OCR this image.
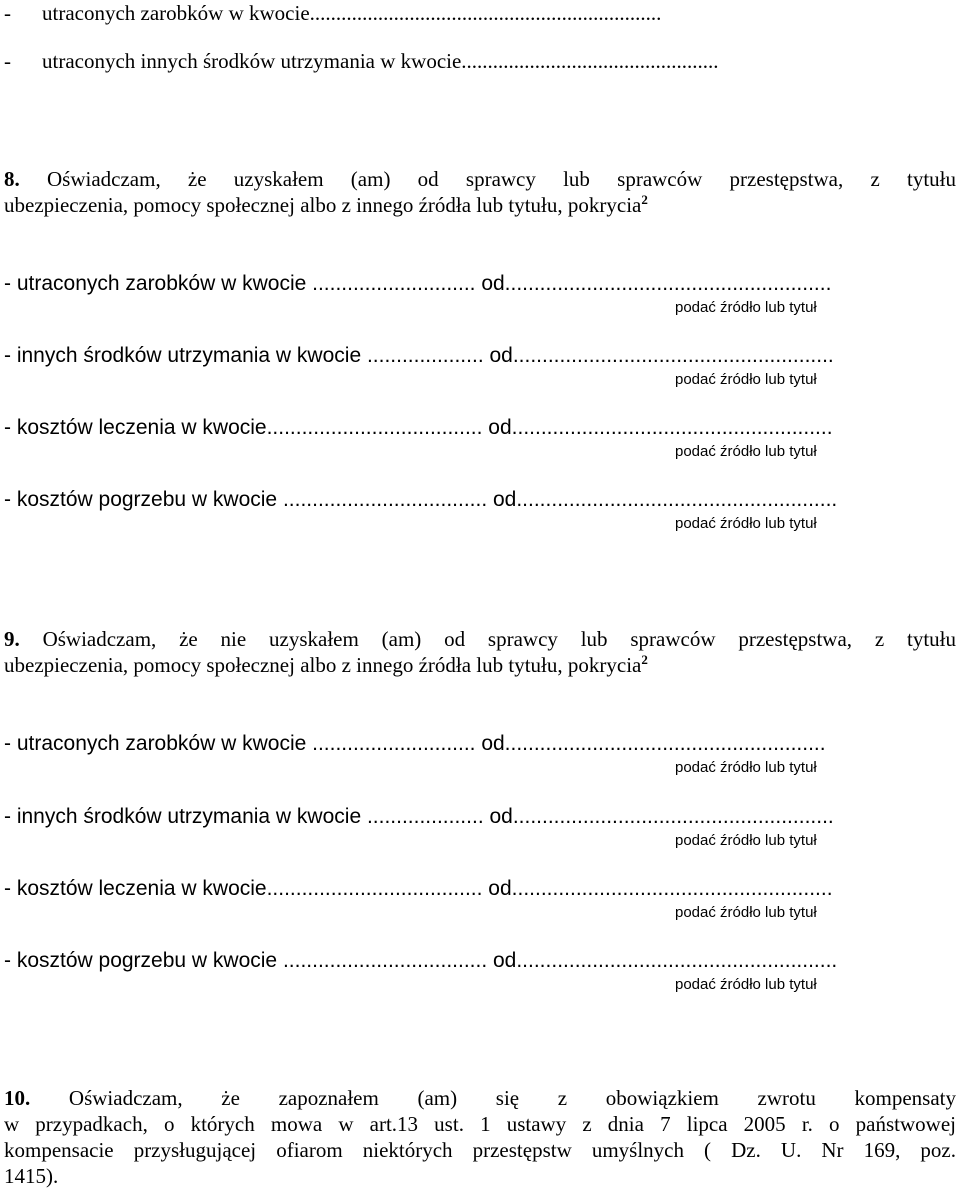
- utraconych zarobków w kwocie...................................................................
- utraconych innych środków utrzymania w kwocie.................................................
8. Oświadczam, że uzyskałem (am) od sprawcy lub sprawców przestępstwa, z tytułu
ubezpieczenia, pomocy społecznej albo z innego źródła lub tytułu, pokrycia$^2$
- utraconych zarobków w kwocie ............................ od........................................................
podać źródło lub tytuł
- innych środków utrzymania w kwocie .................... od.......................................................
podać źródło lub tytuł
- kosztów leczenia w kwocie..................................... od.......................................................
podać źródło lub tytuł
- kosztów pogrzebu w kwocie ................................... od.......................................................
podać źródło lub tytuł
9. Oświadczam, że nie uzyskałem (am) od sprawcy lub sprawców przestępstwa, z tytułu
ubezpieczenia, pomocy społecznej albo z innego źródła lub tytułu, pokrycia$^2$
- utraconych zarobków w kwocie ............................ od.......................................................
podać źródło lub tytuł
- innych środków utrzymania w kwocie .................... od.......................................................
podać źródło lub tytuł
- kosztów leczenia w kwocie..................................... od.......................................................
podać źródło lub tytuł
- kosztów pogrzebu w kwocie ................................... od.......................................................
podać źródło lub tytuł
10. Oświadczam, że zapoznałem (am) się z obowiązkiem zwrotu kompensaty
w przypadkach, o których mowa w art.13 ust. 1 ustawy z dnia 7 lipca 2005 r. o państwowej
kompensacie przysługującej ofiarom niektórych przestępstw umyślnych ( Dz. U. Nr 169, poz.
1415).
